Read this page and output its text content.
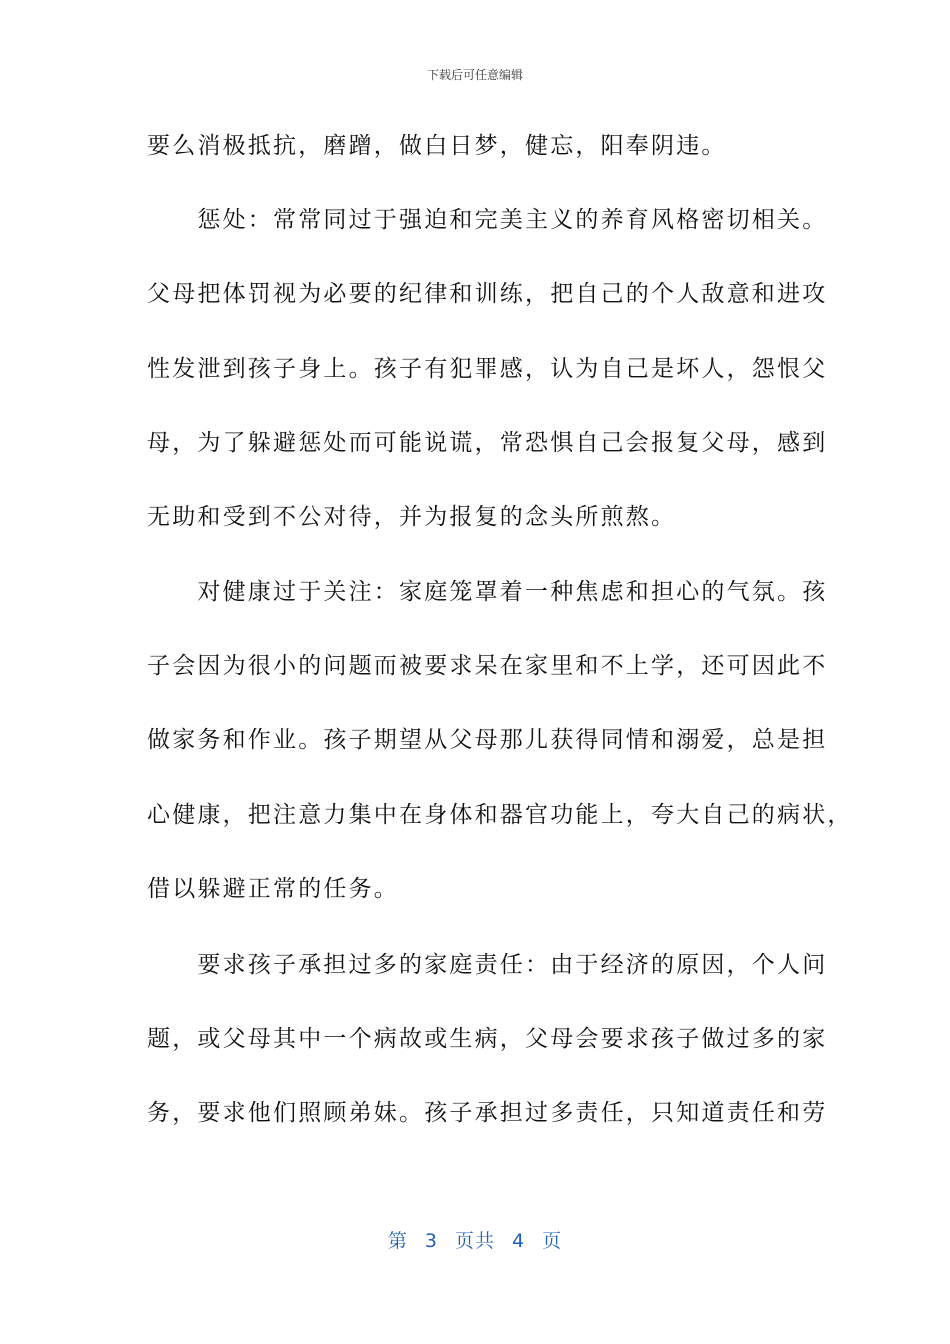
下载后可任意编辑
要么消极抵抗，磨蹭，做白日梦，健忘，阳奉阴违。
　　惩处：常常同过于强迫和完美主义的养育风格密切相关。
父母把体罚视为必要的纪律和训练，把自己的个人敌意和进攻
性发泄到孩子身上。孩子有犯罪感，认为自己是坏人，怨恨父
母，为了躲避惩处而可能说谎，常恐惧自己会报复父母，感到
无助和受到不公对待，并为报复的念头所煎熬。
　　对健康过于关注：家庭笼罩着一种焦虑和担心的气氛。孩
子会因为很小的问题而被要求呆在家里和不上学，还可因此不
做家务和作业。孩子期望从父母那儿获得同情和溺爱，总是担
心健康，把注意力集中在身体和器官功能上，夸大自己的病状，
借以躲避正常的任务。
　　要求孩子承担过多的家庭责任：由于经济的原因，个人问
题，或父母其中一个病故或生病，父母会要求孩子做过多的家
务，要求他们照顾弟妹。孩子承担过多责任，只知道责任和劳
第 3 页共 4 页
